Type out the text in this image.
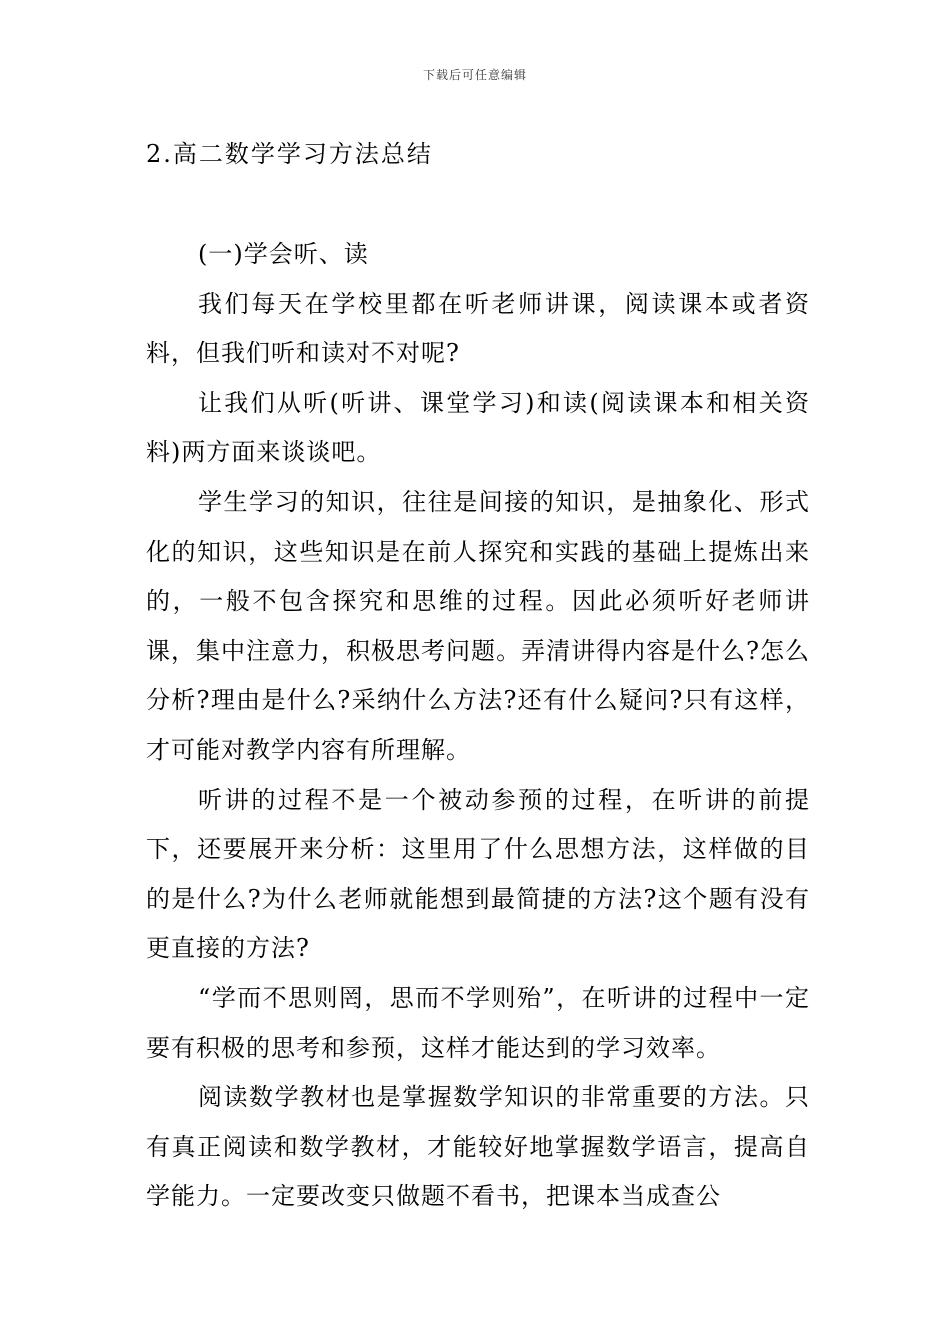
下载后可任意编辑
2.高二数学学习方法总结

(一)学会听、读

我们每天在学校里都在听老师讲课，阅读课本或者资料，但我们听和读对不对呢?

让我们从听(听讲、课堂学习)和读(阅读课本和相关资料)两方面来谈谈吧。

学生学习的知识，往往是间接的知识，是抽象化、形式化的知识，这些知识是在前人探究和实践的基础上提炼出来的，一般不包含探究和思维的过程。因此必须听好老师讲课，集中注意力，积极思考问题。弄清讲得内容是什么?怎么分析?理由是什么?采纳什么方法?还有什么疑问?只有这样，才可能对教学内容有所理解。

听讲的过程不是一个被动参预的过程，在听讲的前提下，还要展开来分析：这里用了什么思想方法，这样做的目的是什么?为什么老师就能想到最简捷的方法?这个题有没有更直接的方法?

“学而不思则罔，思而不学则殆”，在听讲的过程中一定要有积极的思考和参预，这样才能达到的学习效率。

阅读数学教材也是掌握数学知识的非常重要的方法。只有真正阅读和数学教材，才能较好地掌握数学语言，提高自学能力。一定要改变只做题不看书，把课本当成查公
